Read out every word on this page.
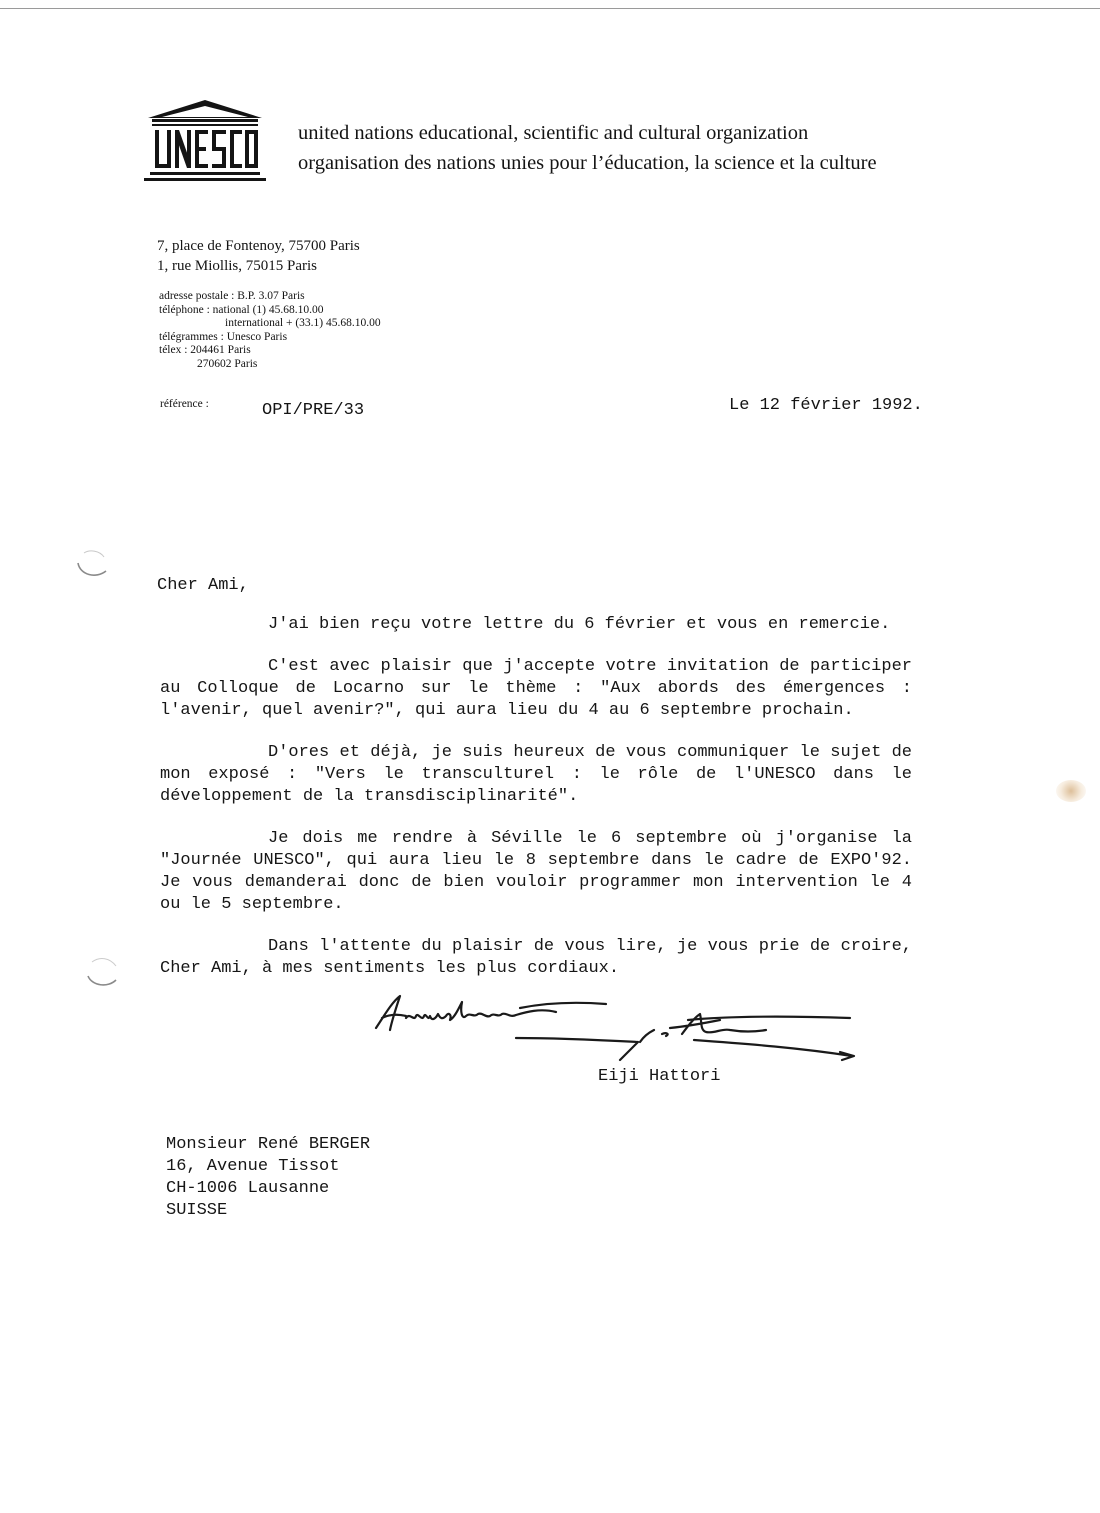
united nations educational, scientific and cultural organization
organisation des nations unies pour l’éducation, la science et la culture
7, place de Fontenoy, 75700 Paris
1, rue Miollis, 75015 Paris
adresse postale : B.P. 3.07 Paris
téléphone : national (1) 45.68.10.00
international + (33.1) 45.68.10.00
télégrammes : Unesco Paris
télex : 204461 Paris
270602 Paris
référence :	OPI/PRE/33	Le 12 février 1992.
Cher Ami,
J'ai bien reçu votre lettre du 6 février et vous en remercie.
C'est avec plaisir que j'accepte votre invitation de participer au Colloque de Locarno sur le thème : "Aux abords des émergences : l'avenir, quel avenir?", qui aura lieu du 4 au 6 septembre prochain.
D'ores et déjà, je suis heureux de vous communiquer le sujet de mon exposé : "Vers le transculturel : le rôle de l'UNESCO dans le développement de la transdisciplinarité".
Je dois me rendre à Séville le 6 septembre où j'organise la "Journée UNESCO", qui aura lieu le 8 septembre dans le cadre de EXPO'92. Je vous demanderai donc de bien vouloir programmer mon intervention le 4 ou le 5 septembre.
Dans l'attente du plaisir de vous lire, je vous prie de croire, Cher Ami, à mes sentiments les plus cordiaux.
Eiji Hattori
Monsieur René BERGER
16, Avenue Tissot
CH-1006 Lausanne
SUISSE
